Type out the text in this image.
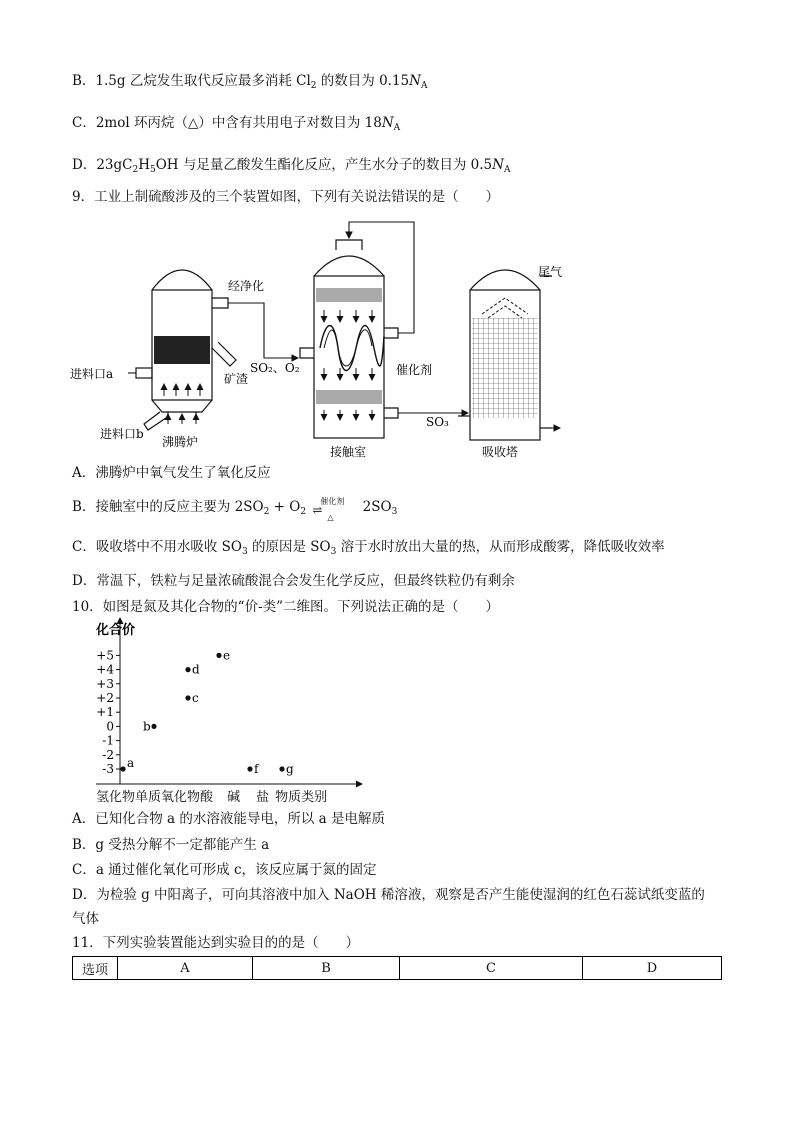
B．1.5g 乙烷发生取代反应最多消耗 $Cl_2$ 的数目为 $0.15N_A$
C．2mol 环丙烷（△）中含有共用电子对数目为 $18N_A$
D．$23gC_2H_5OH$ 与足量乙酸发生酯化反应，产生水分子的数目为 $0.5N_A$
9．工业上制硫酸涉及的三个装置如图，下列有关说法错误的是（　　）
进料口a
进料口b
经净化
矿渣
SO₂、O₂	催化剂
SO₃
尾气
沸腾炉
接触室	吸收塔
A．沸腾炉中氧气发生了氧化反应
B．接触室中的反应主要为 $2SO_2 + O_2$
催化剂
⇌
△
$2SO_3$
C．吸收塔中不用水吸收 $SO_3$ 的原因是 $SO_3$ 溶于水时放出大量的热，从而形成酸雾，降低吸收效率
D．常温下，铁粒与足量浓硫酸混合会发生化学反应，但最终铁粒仍有剩余
10．如图是氮及其化合物的“价-类”二维图。下列说法正确的是（　　）
化合价
+5
+4
+3
+2
+1
0
-1
-2
-3 a
b
d
c
e
f g
氢化物单质氧化物酸 碱 盐 物质类别
A．已知化合物 a 的水溶液能导电，所以 a 是电解质
B．g 受热分解不一定都能产生 a
C．a 通过催化氧化可形成 c，该反应属于氮的固定
D．为检验 g 中阳离子，可向其溶液中加入 NaOH 稀溶液，观察是否产生能使湿润的红色石蕊试纸变蓝的
气体
11．下列实验装置能达到实验目的的是（　　）
选项	A	B	C	D
